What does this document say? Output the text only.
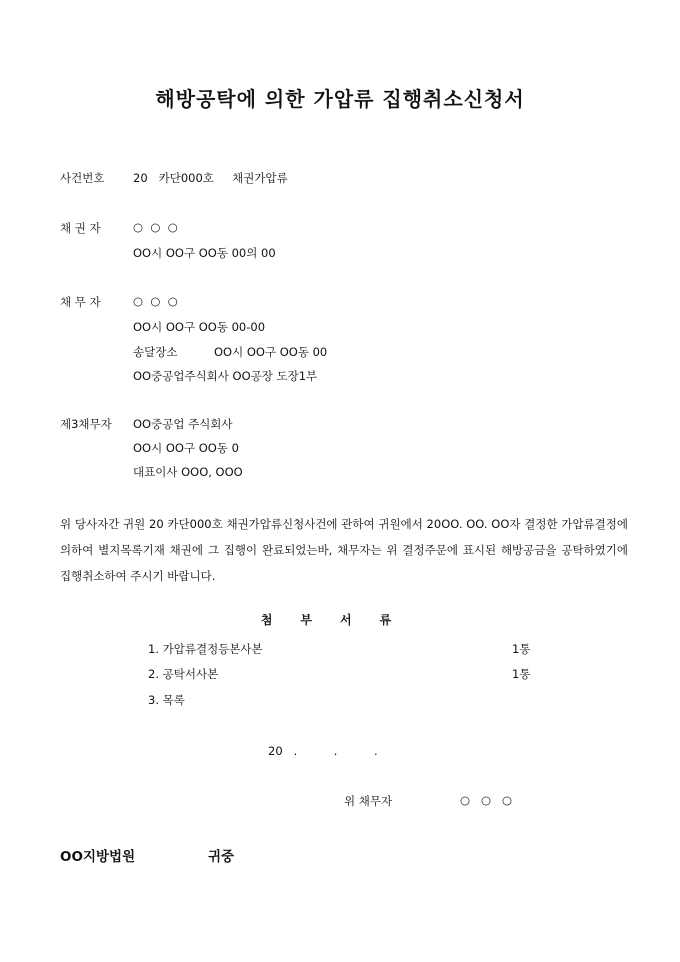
해방공탁에 의한 가압류 집행취소신청서
사건번호 20   카단000호     채권가압류
채 권 자	○  ○  ○
OO시 OO구 OO동 00의 00
채 무 자	○  ○  ○
OO시 OO구 OO동 00-00
송달장소	OO시 OO구 OO동 00
OO중공업주식회사 OO공장 도장1부
제3채무자 OO중공업 주식회사
OO시 OO구 OO동 0
대표이사 OOO, OOO
위 당사자간 귀원 20 카단000호 채권가압류신청사건에 관하여 귀원에서 20OO. OO. OO자 결정한 가압류결정에 의하여 별지목록기재 채권에 그 집행이 완료되었는바, 채무자는 위 결정주문에 표시된 해방공금을 공탁하였기에 집행취소하여 주시기 바랍니다.
첨부서류
1. 가압류결정등본사본	1통
2. 공탁서사본	1통
3. 목록
20   .          .          .
위 채무자	○   ○   ○
OO지방법원	귀중
